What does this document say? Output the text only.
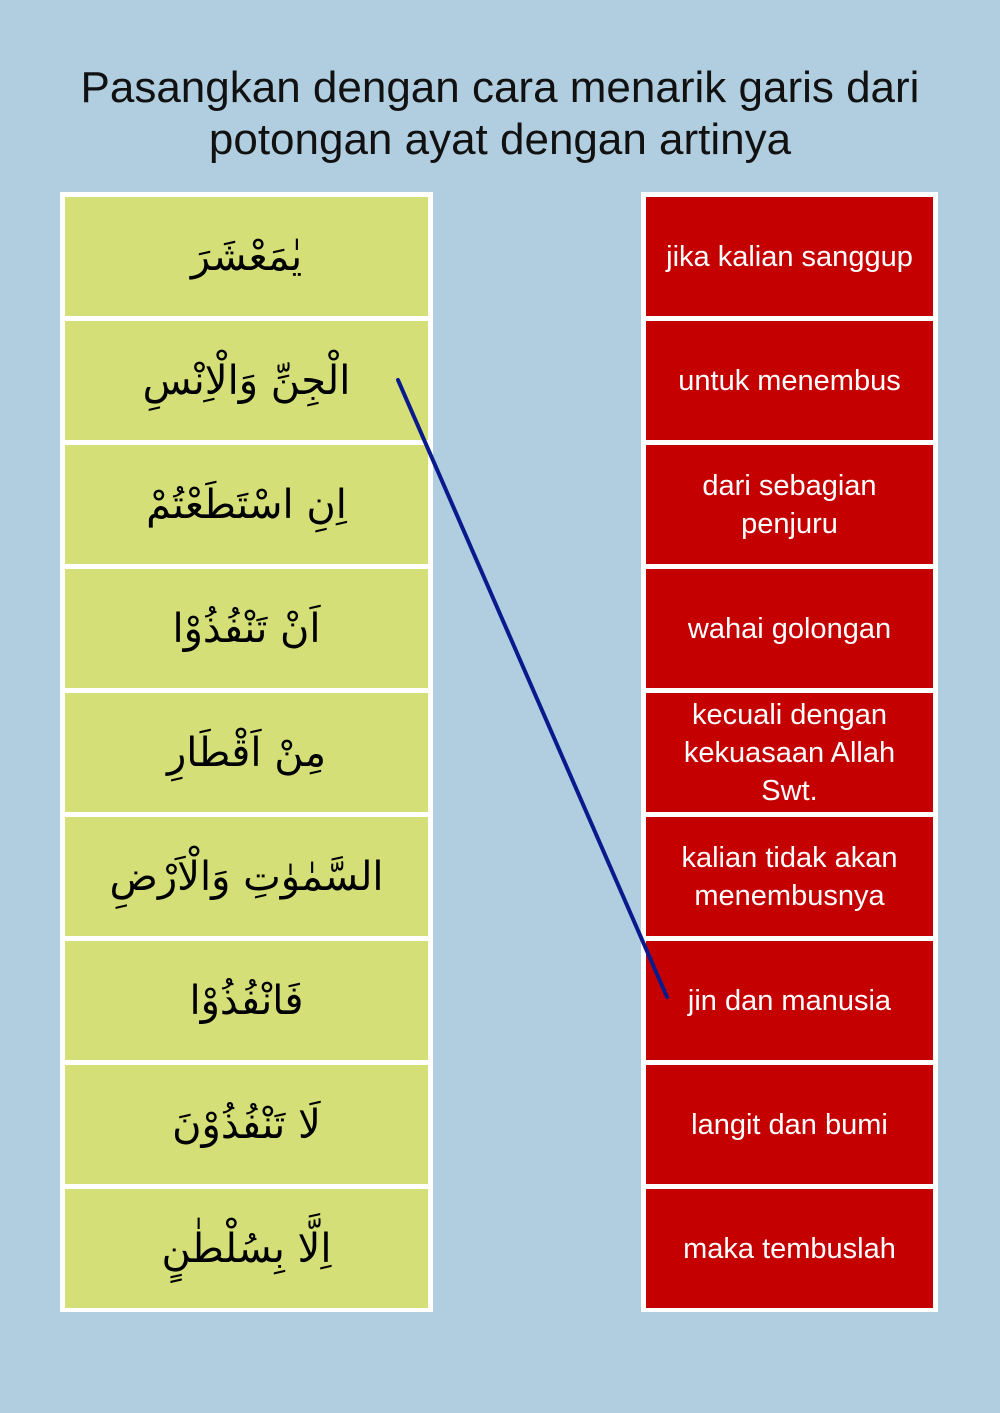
Pasangkan dengan cara menarik garis dari
potongan ayat dengan artinya
يٰمَعْشَرَ
الْجِنِّ وَالْاِنْسِ
اِنِ اسْتَطَعْتُمْ
اَنْ تَنْفُذُوْا
مِنْ اَقْطَارِ
السَّمٰوٰتِ وَالْاَرْضِ
فَانْفُذُوْا
لَا تَنْفُذُوْنَ
اِلَّا بِسُلْطٰنٍ
jika kalian sanggup
untuk menembus
dari sebagian penjuru
wahai golongan
kecuali dengan kekuasaan Allah Swt.
kalian tidak akan menembusnya
jin dan manusia
langit dan bumi
maka tembuslah
